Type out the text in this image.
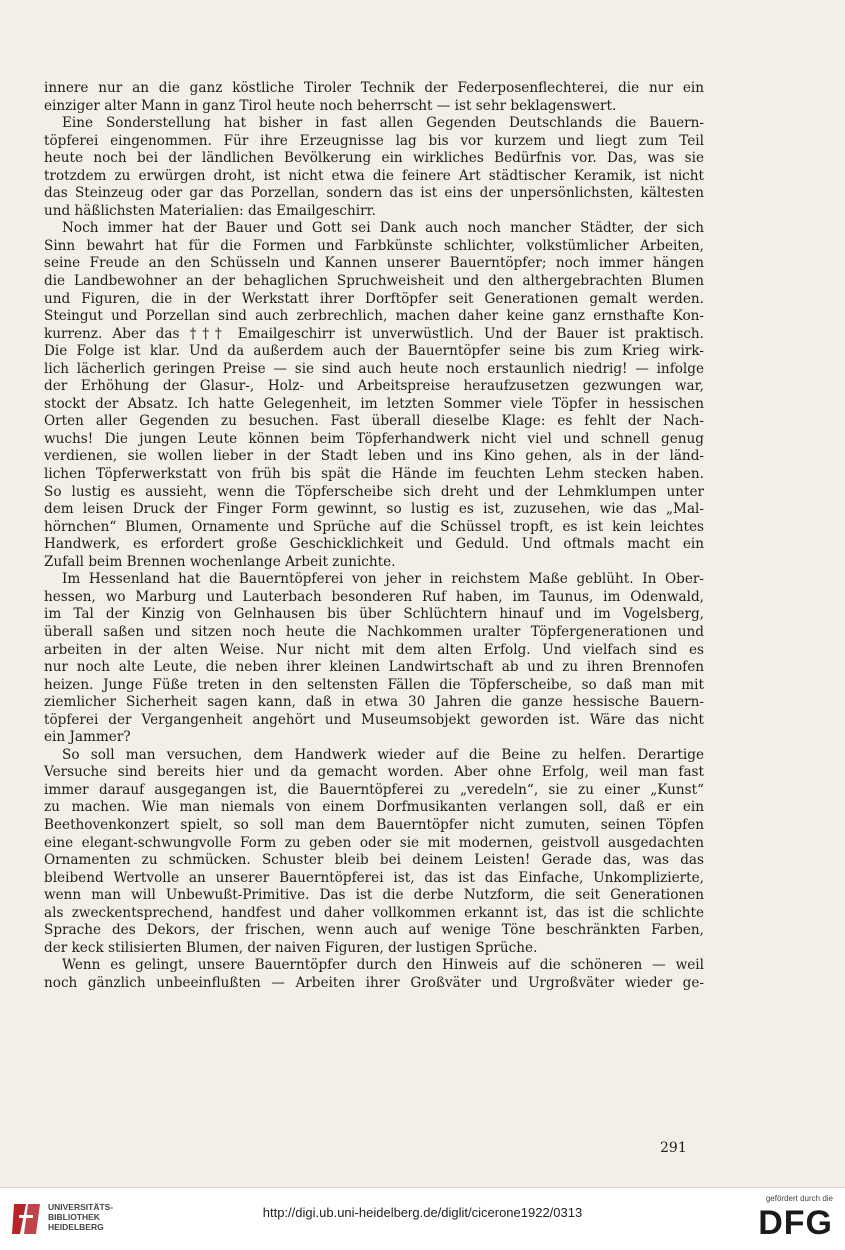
innere nur an die ganz köstliche Tiroler Technik der Federposenflechterei, die nur ein
einziger alter Mann in ganz Tirol heute noch beherrscht — ist sehr beklagenswert.
Eine Sonderstellung hat bisher in fast allen Gegenden Deutschlands die Bauern-
töpferei eingenommen. Für ihre Erzeugnisse lag bis vor kurzem und liegt zum Teil
heute noch bei der ländlichen Bevölkerung ein wirkliches Bedürfnis vor. Das, was sie
trotzdem zu erwürgen droht, ist nicht etwa die feinere Art städtischer Keramik, ist nicht
das Steinzeug oder gar das Porzellan, sondern das ist eins der unpersönlichsten, kältesten
und häßlichsten Materialien: das Emailgeschirr.
Noch immer hat der Bauer und Gott sei Dank auch noch mancher Städter, der sich
Sinn bewahrt hat für die Formen und Farbkünste schlichter, volkstümlicher Arbeiten,
seine Freude an den Schüsseln und Kannen unserer Bauerntöpfer; noch immer hängen
die Landbewohner an der behaglichen Spruchweisheit und den althergebrachten Blumen
und Figuren, die in der Werkstatt ihrer Dorftöpfer seit Generationen gemalt werden.
Steingut und Porzellan sind auch zerbrechlich, machen daher keine ganz ernsthafte Kon-
kurrenz. Aber das ††† Emailgeschirr ist unverwüstlich. Und der Bauer ist praktisch.
Die Folge ist klar. Und da außerdem auch der Bauerntöpfer seine bis zum Krieg wirk-
lich lächerlich geringen Preise — sie sind auch heute noch erstaunlich niedrig! — infolge
der Erhöhung der Glasur-, Holz- und Arbeitspreise heraufzusetzen gezwungen war,
stockt der Absatz. Ich hatte Gelegenheit, im letzten Sommer viele Töpfer in hessischen
Orten aller Gegenden zu besuchen. Fast überall dieselbe Klage: es fehlt der Nach-
wuchs! Die jungen Leute können beim Töpferhandwerk nicht viel und schnell genug
verdienen, sie wollen lieber in der Stadt leben und ins Kino gehen, als in der länd-
lichen Töpferwerkstatt von früh bis spät die Hände im feuchten Lehm stecken haben.
So lustig es aussieht, wenn die Töpferscheibe sich dreht und der Lehmklumpen unter
dem leisen Druck der Finger Form gewinnt, so lustig es ist, zuzusehen, wie das „Mal-
hörnchen“ Blumen, Ornamente und Sprüche auf die Schüssel tropft, es ist kein leichtes
Handwerk, es erfordert große Geschicklichkeit und Geduld. Und oftmals macht ein
Zufall beim Brennen wochenlange Arbeit zunichte.
Im Hessenland hat die Bauerntöpferei von jeher in reichstem Maße geblüht. In Ober-
hessen, wo Marburg und Lauterbach besonderen Ruf haben, im Taunus, im Odenwald,
im Tal der Kinzig von Gelnhausen bis über Schlüchtern hinauf und im Vogelsberg,
überall saßen und sitzen noch heute die Nachkommen uralter Töpfergenerationen und
arbeiten in der alten Weise. Nur nicht mit dem alten Erfolg. Und vielfach sind es
nur noch alte Leute, die neben ihrer kleinen Landwirtschaft ab und zu ihren Brennofen
heizen. Junge Füße treten in den seltensten Fällen die Töpferscheibe, so daß man mit
ziemlicher Sicherheit sagen kann, daß in etwa 30 Jahren die ganze hessische Bauern-
töpferei der Vergangenheit angehört und Museumsobjekt geworden ist. Wäre das nicht
ein Jammer?
So soll man versuchen, dem Handwerk wieder auf die Beine zu helfen. Derartige
Versuche sind bereits hier und da gemacht worden. Aber ohne Erfolg, weil man fast
immer darauf ausgegangen ist, die Bauerntöpferei zu „veredeln“, sie zu einer „Kunst“
zu machen. Wie man niemals von einem Dorfmusikanten verlangen soll, daß er ein
Beethovenkonzert spielt, so soll man dem Bauerntöpfer nicht zumuten, seinen Töpfen
eine elegant-schwungvolle Form zu geben oder sie mit modernen, geistvoll ausgedachten
Ornamenten zu schmücken. Schuster bleib bei deinem Leisten! Gerade das, was das
bleibend Wertvolle an unserer Bauerntöpferei ist, das ist das Einfache, Unkomplizierte,
wenn man will Unbewußt-Primitive. Das ist die derbe Nutzform, die seit Generationen
als zweckentsprechend, handfest und daher vollkommen erkannt ist, das ist die schlichte
Sprache des Dekors, der frischen, wenn auch auf wenige Töne beschränkten Farben,
der keck stilisierten Blumen, der naiven Figuren, der lustigen Sprüche.
Wenn es gelingt, unsere Bauerntöpfer durch den Hinweis auf die schöneren — weil
noch gänzlich unbeeinflußten — Arbeiten ihrer Großväter und Urgroßväter wieder ge-
291
UNIVERSITÄTS-
BIBLIOTHEK
HEIDELBERG
http://digi.ub.uni-heidelberg.de/diglit/cicerone1922/0313
gefördert durch die
DFG
